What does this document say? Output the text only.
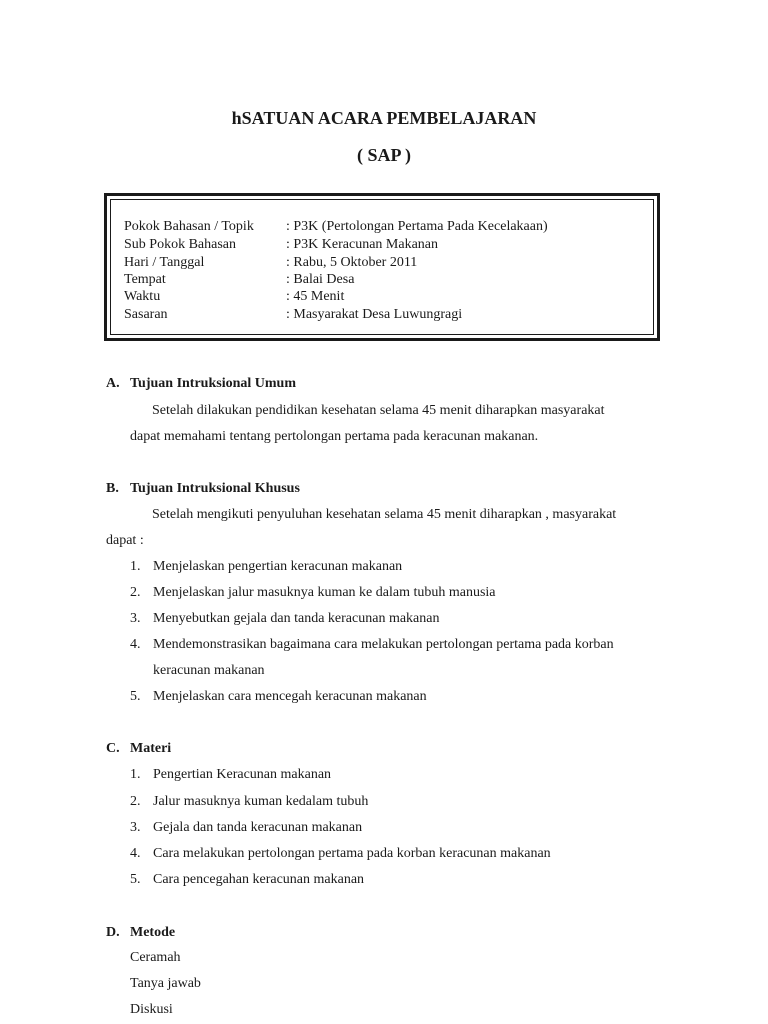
hSATUAN ACARA PEMBELAJARAN
( SAP )
Pokok Bahasan / Topik : P3K (Pertolongan Pertama Pada Kecelakaan)
Sub Pokok Bahasan	: P3K Keracunan Makanan
Hari / Tanggal	: Rabu, 5 Oktober 2011
Tempat	: Balai Desa
Waktu	: 45 Menit
Sasaran	: Masyarakat Desa Luwungragi
A. Tujuan Intruksional Umum
Setelah dilakukan pendidikan kesehatan selama 45 menit diharapkan masyarakat
dapat memahami tentang pertolongan pertama pada keracunan makanan.
B. Tujuan Intruksional Khusus
Setelah mengikuti penyuluhan kesehatan selama 45 menit diharapkan , masyarakat
dapat :
1. Menjelaskan pengertian keracunan makanan
2. Menjelaskan jalur masuknya kuman ke dalam tubuh manusia
3. Menyebutkan gejala dan tanda keracunan makanan
4. Mendemonstrasikan bagaimana cara melakukan pertolongan pertama pada korban
keracunan makanan
5. Menjelaskan cara mencegah keracunan makanan
C. Materi
1. Pengertian Keracunan makanan
2. Jalur masuknya kuman kedalam tubuh
3. Gejala dan tanda keracunan makanan
4. Cara melakukan pertolongan pertama pada korban keracunan makanan
5. Cara pencegahan keracunan makanan
D. Metode
Ceramah
Tanya jawab
Diskusi
